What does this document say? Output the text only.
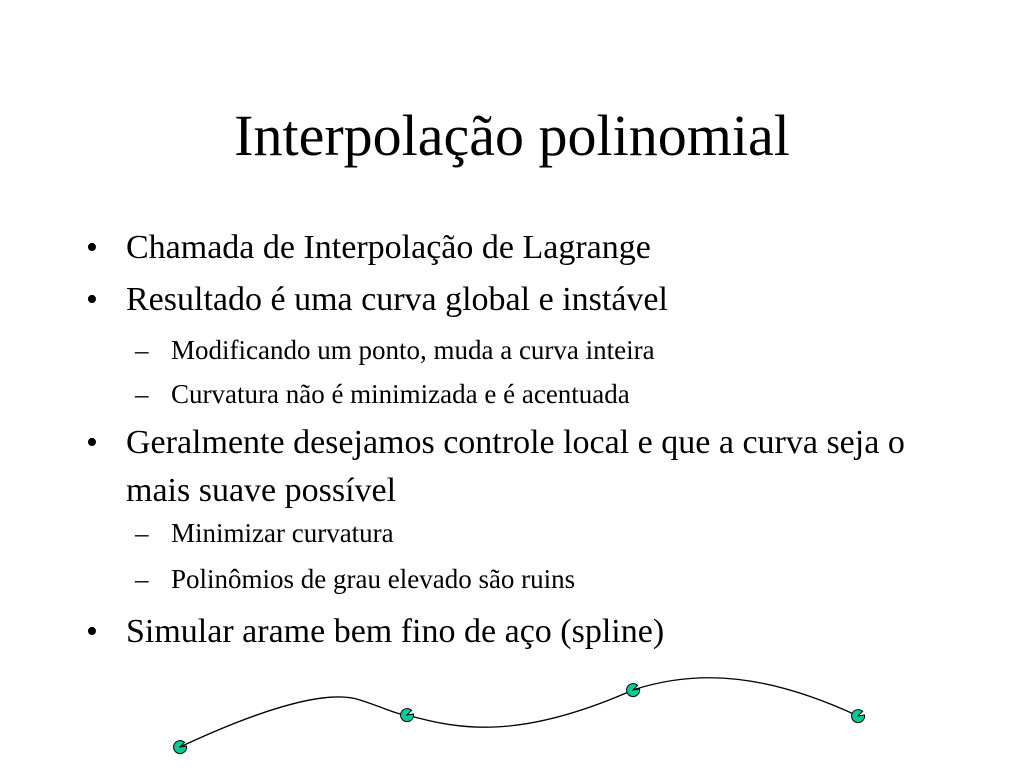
Interpolação polinomial
• Chamada de Interpolação de Lagrange
• Resultado é uma curva global e instável
– Modificando um ponto, muda a curva inteira
– Curvatura não é minimizada e é acentuada
• Geralmente desejamos controle local e que a curva seja o mais suave possível
– Minimizar curvatura
– Polinômios de grau elevado são ruins
• Simular arame bem fino de aço (spline)
